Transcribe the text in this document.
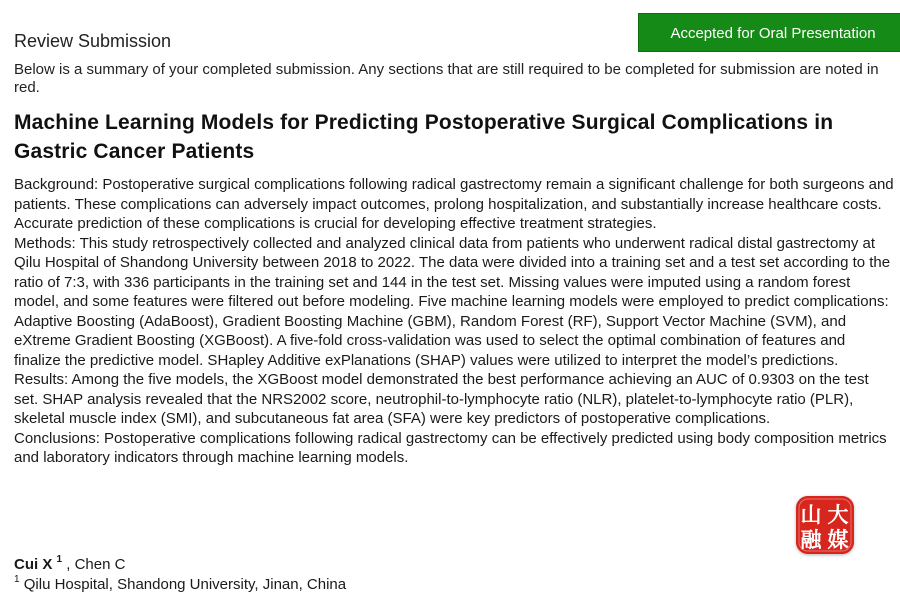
Review Submission	Accepted for Oral Presentation

Below is a summary of your completed submission. Any sections that are still required to be completed for submission are noted in red.

Machine Learning Models for Predicting Postoperative Surgical Complications in Gastric Cancer Patients

Background: Postoperative surgical complications following radical gastrectomy remain a significant challenge for both surgeons and patients. These complications can adversely impact outcomes, prolong hospitalization, and substantially increase healthcare costs. Accurate prediction of these complications is crucial for developing effective treatment strategies.

Methods: This study retrospectively collected and analyzed clinical data from patients who underwent radical distal gastrectomy at Qilu Hospital of Shandong University between 2018 to 2022. The data were divided into a training set and a test set according to the ratio of 7:3, with 336 participants in the training set and 144 in the test set. Missing values were imputed using a random forest model, and some features were filtered out before modeling. Five machine learning models were employed to predict complications: Adaptive Boosting (AdaBoost), Gradient Boosting Machine (GBM), Random Forest (RF), Support Vector Machine (SVM), and eXtreme Gradient Boosting (XGBoost). A five-fold cross-validation was used to select the optimal combination of features and finalize the predictive model. SHapley Additive exPlanations (SHAP) values were utilized to interpret the model’s predictions.

Results: Among the five models, the XGBoost model demonstrated the best performance achieving an AUC of 0.9303 on the test set. SHAP analysis revealed that the NRS2002 score, neutrophil-to-lymphocyte ratio (NLR), platelet-to-lymphocyte ratio (PLR), skeletal muscle index (SMI), and subcutaneous fat area (SFA) were key predictors of postoperative complications.

Conclusions: Postoperative complications following radical gastrectomy can be effectively predicted using body composition metrics and laboratory indicators through machine learning models.

Cui X $^1$ , Chen C
$^1$ Qilu Hospital, Shandong University, Jinan, China
山 大
融 媒
